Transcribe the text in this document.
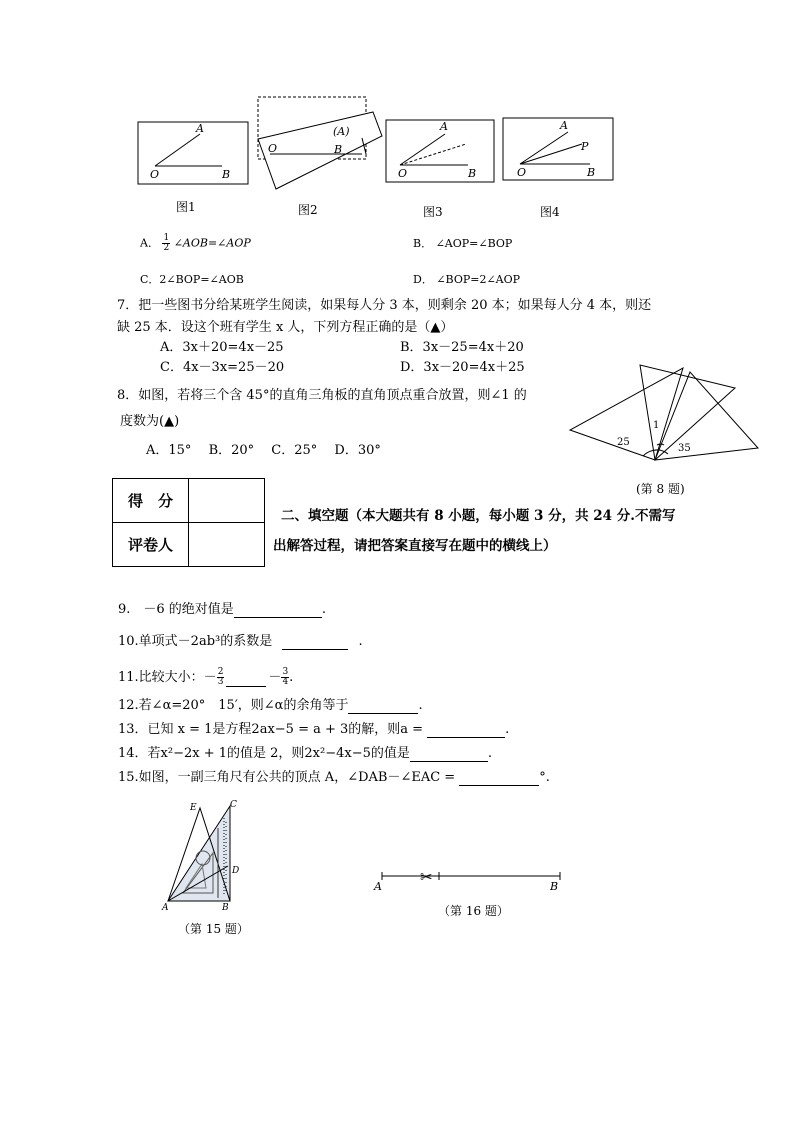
A
O	B
(A)
O	B
A
O	B
A
P
O	B
图1	图2	图3	图4
A． $\frac{1}{2}$ ∠AOB=∠AOP	B． ∠AOP=∠BOP
C．2∠BOP=∠AOB	D． ∠BOP=2∠AOP
7．把一些图书分给某班学生阅读，如果每人分 3 本，则剩余 20 本；如果每人分 4 本，则还
缺 25 本．设这个班有学生 x 人，下列方程正确的是（▲）
A．3x＋20=4x－25	B．3x－25=4x＋20
C．4x－3x=25－20	D．3x－20=4x＋25
8．如图，若将三个含 45°的直角三角板的直角顶点重合放置，则∠1 的
度数为(▲)
A．15°　 B．20°　 C．25°　 D．30°
1
25
35
(第 8 题)
得　分	
评卷人	
二、填空题（本大题共有 8 小题，每小题 3 分，共 24 分.不需写
出解答过程，请把答案直接写在题中的横线上）
9.　－6 的绝对值是	.
10.单项式－2ab³的系数是	.
11.比较大小：－ $\frac{2}{3}$	－ $\frac{3}{4}$ .
12.若∠α=20°　15′，则∠α的余角等于	.
13．已知 x = 1是方程2ax−5 = a + 3的解，则a =	.
14．若x²−2x + 1的值是 2，则2x²−4x−5的值是	.
15.如图，一副三角尺有公共的顶点 A，∠DAB－∠EAC =	°.
E	C
D
A	B
（第 15 题）
✂
A	B
（第 16 题）
